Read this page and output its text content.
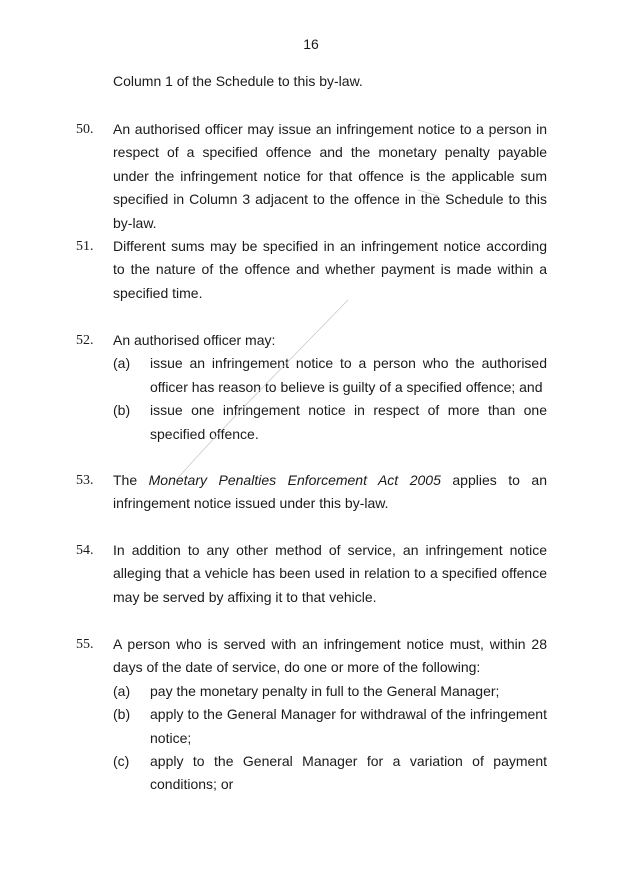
16
Column 1 of the Schedule to this by-law.
50. An authorised officer may issue an infringement notice to a person in respect of a specified offence and the monetary penalty payable under the infringement notice for that offence is the applicable sum specified in Column 3 adjacent to the offence in the Schedule to this by-law.
51. Different sums may be specified in an infringement notice according to the nature of the offence and whether payment is made within a specified time.
52. An authorised officer may:
(a) issue an infringement notice to a person who the authorised officer has reason to believe is guilty of a specified offence; and
(b) issue one infringement notice in respect of more than one specified offence.
53. The Monetary Penalties Enforcement Act 2005 applies to an infringement notice issued under this by-law.
54. In addition to any other method of service, an infringement notice alleging that a vehicle has been used in relation to a specified offence may be served by affixing it to that vehicle.
55. A person who is served with an infringement notice must, within 28 days of the date of service, do one or more of the following:
(a) pay the monetary penalty in full to the General Manager;
(b) apply to the General Manager for withdrawal of the infringement notice;
(c) apply to the General Manager for a variation of payment conditions; or
